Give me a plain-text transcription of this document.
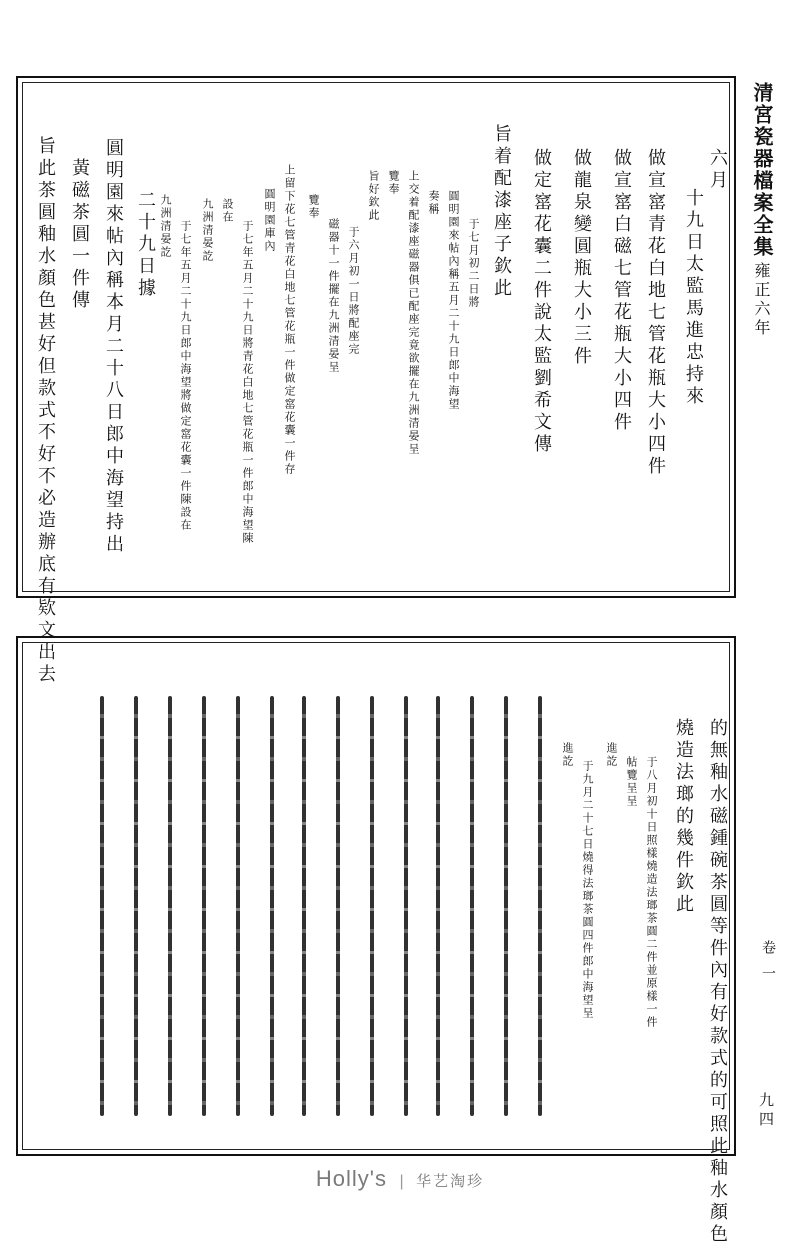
六月
十九日太監馬進忠持來
做宣窰青花白地七管花瓶大小四件
做宣窰白磁七管花瓶大小四件
做龍泉變圓瓶大小三件
做定窰花囊二件說太監劉希文傳
旨着配漆座子欽此
于七月初二日將
圓明園來帖內稱五月二十九日郎中海望
奏稱
上交着配漆座磁器俱已配座完竟欲擺在九洲清晏呈
覽奉
旨好欽此
于六月初一日將配座完
磁器十一件擺在九洲清晏呈
覽奉
上留下花七管青花白地七管花瓶一件做定窰花囊一件存
圓明園庫內
于七年五月二十九日將青花白地七管花瓶一件郎中海望陳
設在
九洲清晏訖
于七年五月二十九日郎中海望將做定窰花囊一件陳設在
九洲清晏訖
二十九日據
圓明園來帖內稱本月二十八日郎中海望持出
黃磁茶圓一件傳
旨此茶圓釉水顏色甚好但款式不好不必造辦底有欵文出去
的無釉水磁鍾碗茶圓等件內有好款式的可照此釉水顏色
燒造法瑯的幾件欽此
于八月初十日照樣燒造法瑯茶圓二件並原樣一件
帖覽呈呈
進訖
于九月二十七日燒得法瑯茶圓四件郎中海望呈
進訖
清宮瓷器檔案全集
雍正六年
卷一
九四
Holly's | 华艺淘珍
